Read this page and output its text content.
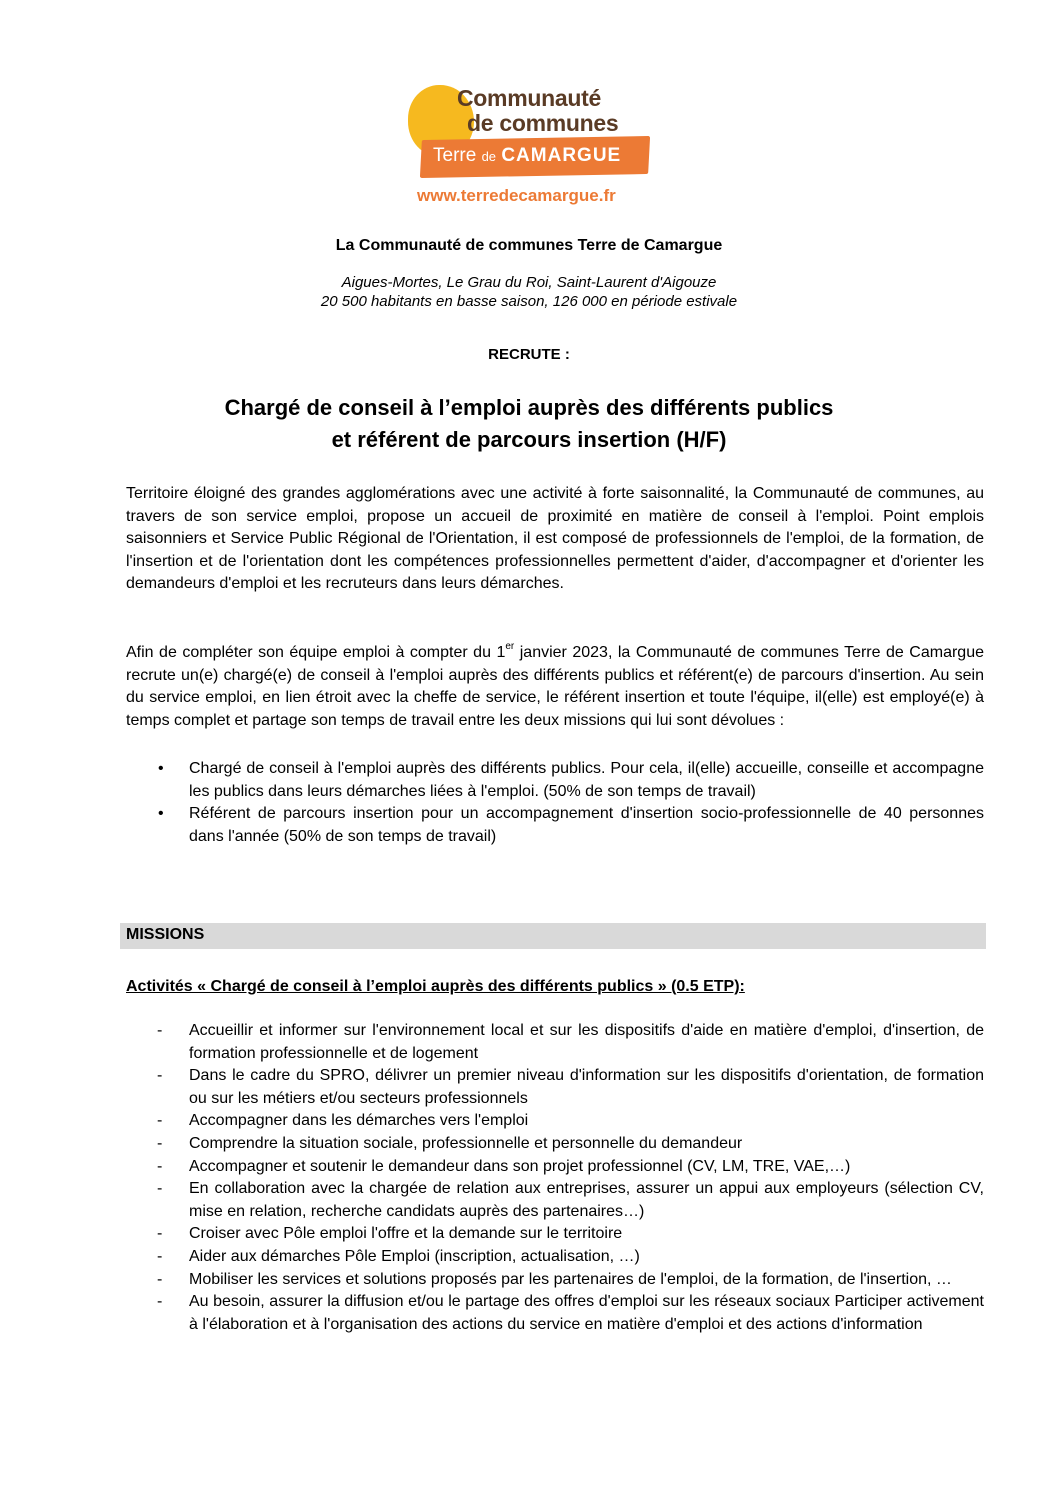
Communauté
de communes
Terre de CAMARGUE
www.terredecamargue.fr
La Communauté de communes Terre de Camargue
Aigues-Mortes, Le Grau du Roi, Saint-Laurent d'Aigouze
20 500 habitants en basse saison, 126 000 en période estivale
RECRUTE :
Chargé de conseil à l’emploi auprès des différents publics
et référent de parcours insertion (H/F)

Territoire éloigné des grandes agglomérations avec une activité à forte saisonnalité, la Communauté de communes, au travers de son service emploi, propose un accueil de proximité en matière de conseil à l'emploi. Point emplois saisonniers et Service Public Régional de l'Orientation, il est composé de professionnels de l'emploi, de la formation, de l'insertion et de l'orientation dont les compétences professionnelles permettent d'aider, d'accompagner et d'orienter les demandeurs d'emploi et les recruteurs dans leurs démarches.

Afin de compléter son équipe emploi à compter du 1er janvier 2023, la Communauté de communes Terre de Camargue recrute un(e) chargé(e) de conseil à l'emploi auprès des différents publics et référent(e) de parcours d'insertion. Au sein du service emploi, en lien étroit avec la cheffe de service, le référent insertion et toute l'équipe, il(elle) est employé(e) à temps complet et partage son temps de travail entre les deux missions qui lui sont dévolues :

• Chargé de conseil à l'emploi auprès des différents publics. Pour cela, il(elle) accueille, conseille et accompagne les publics dans leurs démarches liées à l'emploi. (50% de son temps de travail)
• Référent de parcours insertion pour un accompagnement d'insertion socio-professionnelle de 40 personnes dans l'année (50% de son temps de travail)
MISSIONS
Activités « Chargé de conseil à l’emploi auprès des différents publics » (0.5 ETP):
- Accueillir et informer sur l'environnement local et sur les dispositifs d'aide en matière d'emploi, d'insertion, de formation professionnelle et de logement
- Dans le cadre du SPRO, délivrer un premier niveau d'information sur les dispositifs d'orientation, de formation ou sur les métiers et/ou secteurs professionnels
- Accompagner dans les démarches vers l'emploi
- Comprendre la situation sociale, professionnelle et personnelle du demandeur
- Accompagner et soutenir le demandeur dans son projet professionnel (CV, LM, TRE, VAE,…)
- En collaboration avec la chargée de relation aux entreprises, assurer un appui aux employeurs (sélection CV, mise en relation, recherche candidats auprès des partenaires…)
- Croiser avec Pôle emploi l'offre et la demande sur le territoire
- Aider aux démarches Pôle Emploi (inscription, actualisation, …)
- Mobiliser les services et solutions proposés par les partenaires de l'emploi, de la formation, de l'insertion, …
- Au besoin, assurer la diffusion et/ou le partage des offres d'emploi sur les réseaux sociaux Participer activement à l'élaboration et à l'organisation des actions du service en matière d'emploi et des actions d'information
